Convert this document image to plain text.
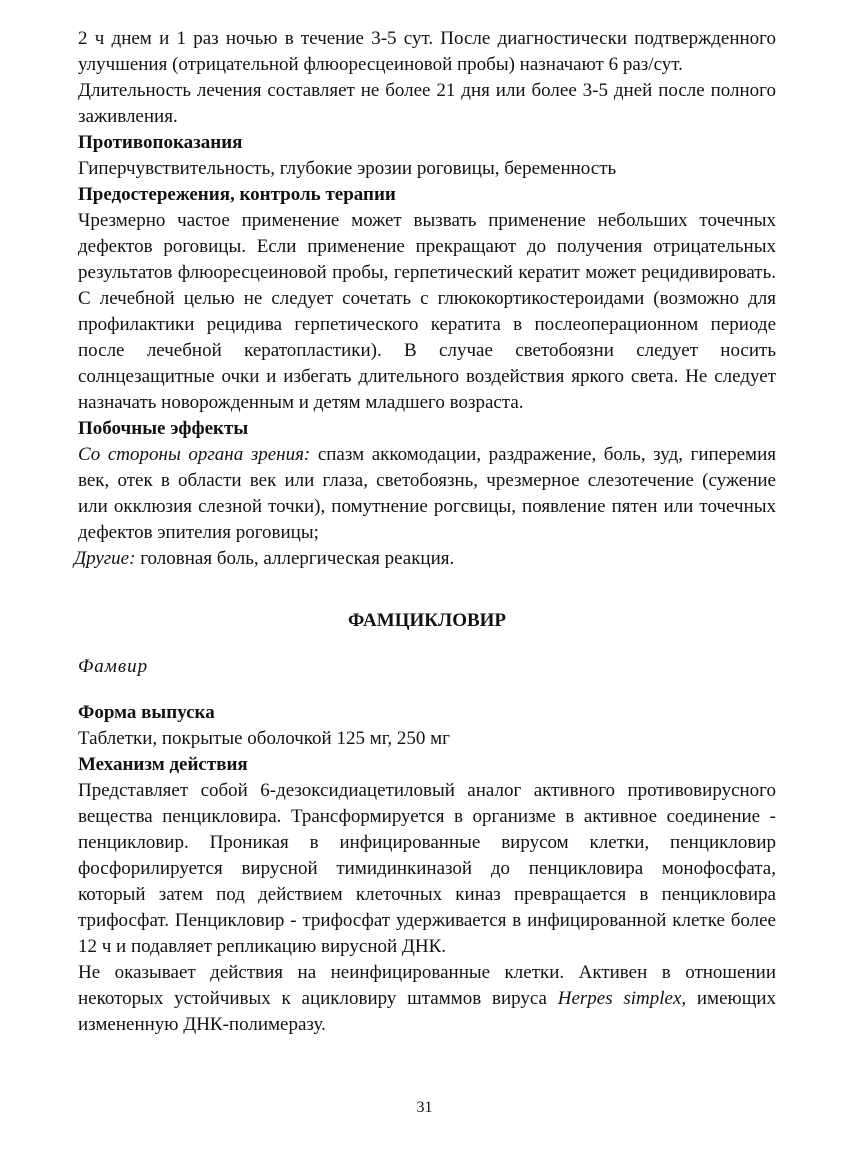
2 ч днем и 1 раз ночью в течение 3-5 сут. После диагностически подтвержденного улучшения (отрицательной флюоресцеиновой пробы) назначают 6 раз/сут.

Длительность лечения составляет не более 21 дня или более 3-5 дней после полного заживления.

Противопоказания

Гиперчувствительность, глубокие эрозии роговицы, беременность

Предостережения, контроль терапии

Чрезмерно частое применение может вызвать применение небольших точечных дефектов роговицы. Если применение прекращают до получения отрицательных результатов флюоресцеиновой пробы, герпетический кератит может рецидивировать. С лечебной целью не следует сочетать с глюкокортикостероидами (возможно для профилактики рецидива герпетического кератита в послеоперационном периоде после лечебной кератопластики). В случае светобоязни следует носить солнцезащитные очки и избегать длительного воздействия яркого света. Не следует назначать новорожденным и детям младшего возраста.

Побочные эффекты

Со стороны органа зрения: спазм аккомодации, раздражение, боль, зуд, гиперемия век, отек в области век или глаза, светобоязнь, чрезмерное слезотечение (сужение или окклюзия слезной точки), помутнение рогсвицы, появление пятен или точечных дефектов эпителия роговицы;

Другие: головная боль, аллергическая реакция.

ФАМЦИКЛОВИР
Фамвир
Форма выпуска

Таблетки, покрытые оболочкой 125 мг, 250 мг

Механизм действия

Представляет собой 6-дезоксидиацетиловый аналог активного противовирусного вещества пенцикловира. Трансформируется в организме в активное соединение - пенцикловир. Проникая в инфицированные вирусом клетки, пенцикловир фосфорилируется вирусной тимидинкиназой до пенцикловира монофосфата, который затем под действием клеточных киназ превращается в пенцикловира трифосфат. Пенцикловир - трифосфат удерживается в инфицированной клетке более 12 ч и подавляет репликацию вирусной ДНК.

Не оказывает действия на неинфицированные клетки. Активен в отношении некоторых устойчивых к ацикловиру штаммов вируса Herpes simplex, имеющих измененную ДНК-полимеразу.

31
